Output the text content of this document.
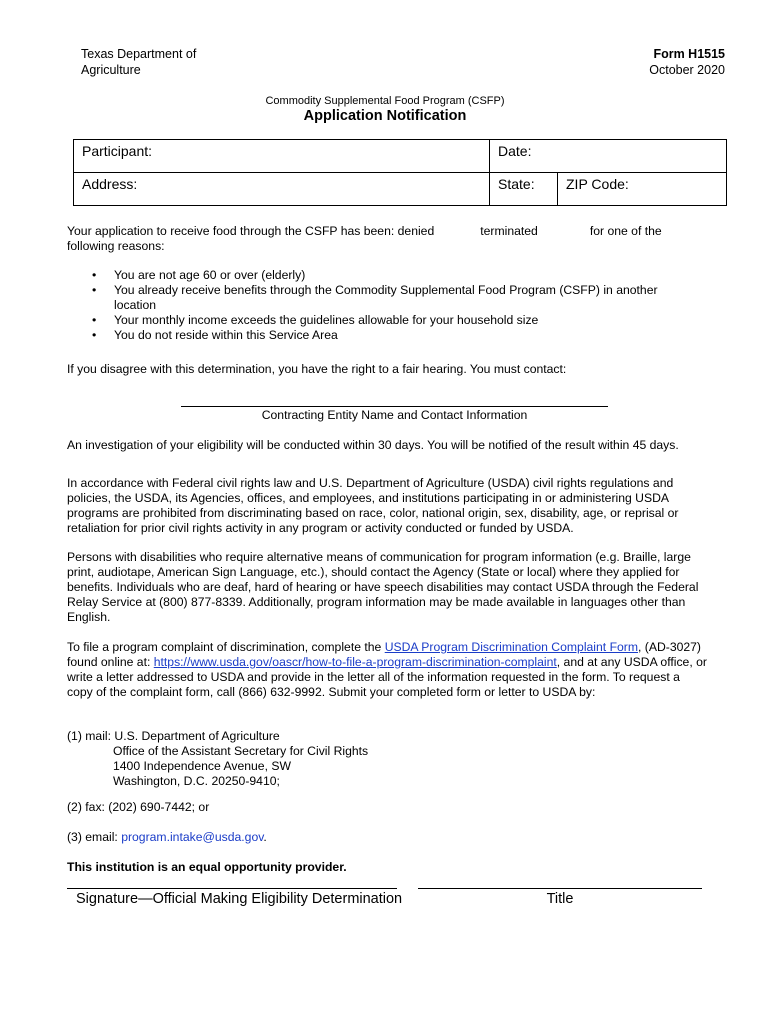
Texas Department of
Agriculture
Form H1515
October 2020
Commodity Supplemental Food Program (CSFP)
Application Notification
Participant:	Date:	
Address:	State:	ZIP Code:
Your application to receive food through the CSFP has been: denied	terminated	for one of the
following reasons:
• You are not age 60 or over (elderly)
• You already receive benefits through the Commodity Supplemental Food Program (CSFP) in another location
• Your monthly income exceeds the guidelines allowable for your household size
• You do not reside within this Service Area
If you disagree with this determination, you have the right to a fair hearing. You must contact:
Contracting Entity Name and Contact Information
An investigation of your eligibility will be conducted within 30 days. You will be notified of the result within 45 days.
In accordance with Federal civil rights law and U.S. Department of Agriculture (USDA) civil rights regulations and policies, the USDA, its Agencies, offices, and employees, and institutions participating in or administering USDA programs are prohibited from discriminating based on race, color, national origin, sex, disability, age, or reprisal or retaliation for prior civil rights activity in any program or activity conducted or funded by USDA.
Persons with disabilities who require alternative means of communication for program information (e.g. Braille, large print, audiotape, American Sign Language, etc.), should contact the Agency (State or local) where they applied for benefits. Individuals who are deaf, hard of hearing or have speech disabilities may contact USDA through the Federal Relay Service at (800) 877-8339. Additionally, program information may be made available in languages other than English.
To file a program complaint of discrimination, complete the USDA Program Discrimination Complaint Form, (AD-3027) found online at: https://www.usda.gov/oascr/how-to-file-a-program-discrimination-complaint, and at any USDA office, or write a letter addressed to USDA and provide in the letter all of the information requested in the form. To request a copy of the complaint form, call (866) 632-9992. Submit your completed form or letter to USDA by:
(1) mail: U.S. Department of Agriculture
Office of the Assistant Secretary for Civil Rights
1400 Independence Avenue, SW
Washington, D.C. 20250-9410;
(2) fax: (202) 690-7442; or
(3) email: program.intake@usda.gov.
This institution is an equal opportunity provider.
Signature—Official Making Eligibility Determination	Title
